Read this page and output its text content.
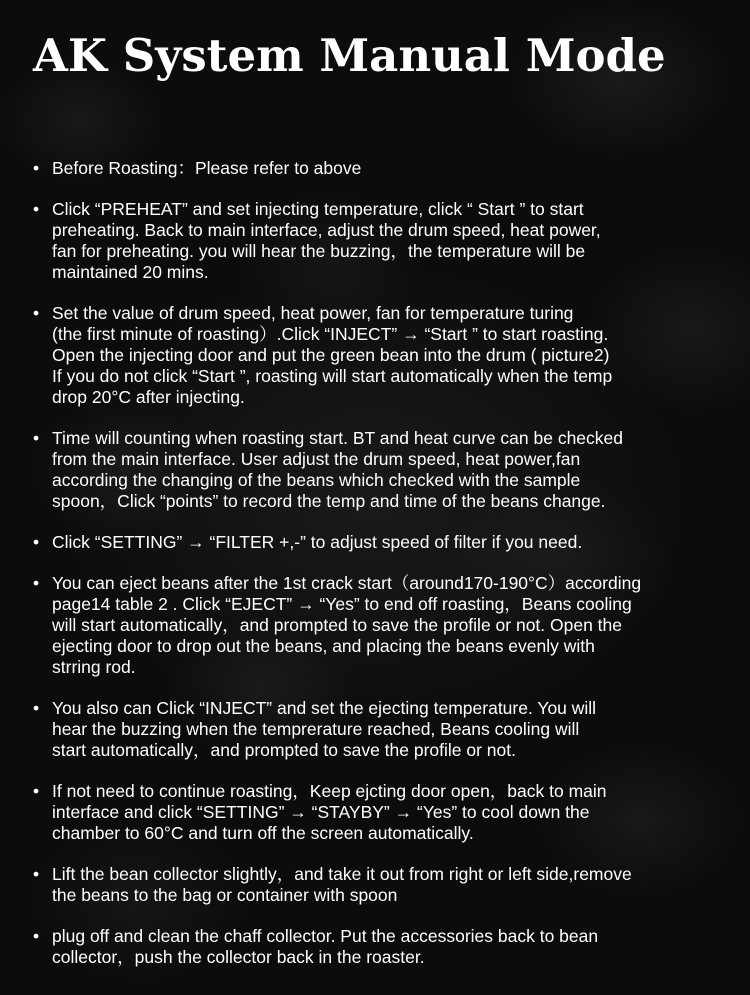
AK System Manual Mode
• Before Roasting：Please refer to above
• Click “PREHEAT” and set injecting temperature, click “ Start ” to start
preheating. Back to main interface, adjust the drum speed, heat power,
fan for preheating. you will hear the buzzing，the temperature will be
maintained 20 mins.
• Set the value of drum speed, heat power, fan for temperature turing
(the first minute of roasting）.Click “INJECT” → “Start ” to start roasting.
Open the injecting door and put the green bean into the drum ( picture2)
If you do not click “Start ”, roasting will start automatically when the temp
drop 20°C after injecting.
• Time will counting when roasting start. BT and heat curve can be checked
from the main interface. User adjust the drum speed, heat power,fan
according the changing of the beans which checked with the sample
spoon，Click “points” to record the temp and time of the beans change.
• Click “SETTING” → “FILTER +,-” to adjust speed of filter if you need.
• You can eject beans after the 1st crack start（around170-190°C）according
page14 table 2 . Click “EJECT” → “Yes” to end off roasting，Beans cooling
will start automatically，and prompted to save the profile or not. Open the
ejecting door to drop out the beans, and placing the beans evenly with
strring rod.
• You also can Click “INJECT” and set the ejecting temperature. You will
hear the buzzing when the temprerature reached, Beans cooling will
start automatically，and prompted to save the profile or not.
• If not need to continue roasting，Keep ejcting door open，back to main
interface and click “SETTING” → “STAYBY” → “Yes” to cool down the
chamber to 60°C and turn off the screen automatically.
• Lift the bean collector slightly，and take it out from right or left side,remove
the beans to the bag or container with spoon
• plug off and clean the chaff collector. Put the accessories back to bean
collector，push the collector back in the roaster.
